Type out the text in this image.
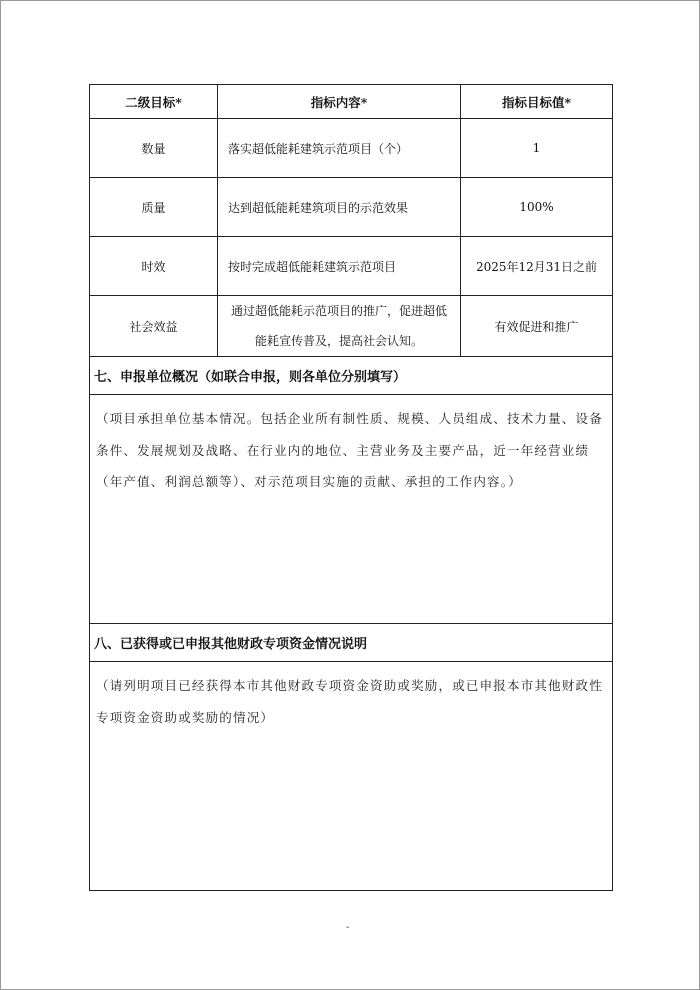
二级目标*	指标内容*	指标目标值*
数量	落实超低能耗建筑示范项目（个）	1
质量	达到超低能耗建筑项目的示范效果	100%
时效	按时完成超低能耗建筑示范项目	2025年12月31日之前
社会效益	通过超低能耗示范项目的推广，促进超低能耗宣传普及，提高社会认知。	有效促进和推广
七、申报单位概况（如联合申报，则各单位分别填写）		
（项目承担单位基本情况。包括企业所有制性质、规模、人员组成、技术力量、设备条件、发展规划及战略、在行业内的地位、主营业务及主要产品，近一年经营业绩（年产值、利润总额等）、对示范项目实施的贡献、承担的工作内容。）		
八、已获得或已申报其他财政专项资金情况说明		
（请列明项目已经获得本市其他财政专项资金资助或奖励，或已申报本市其他财政性专项资金资助或奖励的情况）		
-
